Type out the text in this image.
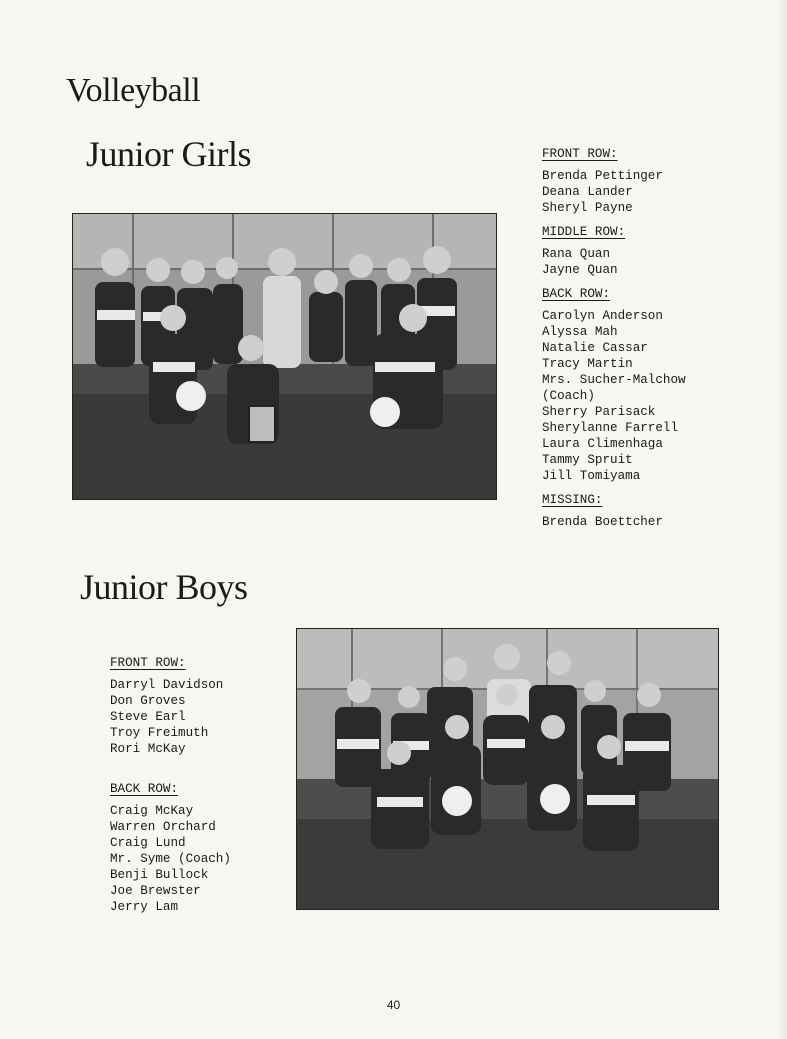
Volleyball
Junior Girls
Junior Boys
FRONT ROW:
Brenda Pettinger
Deana Lander
Sheryl Payne
MIDDLE ROW:
Rana Quan
Jayne Quan
BACK ROW:
Carolyn Anderson
Alyssa Mah
Natalie Cassar
Tracy Martin
Mrs. Sucher-Malchow
(Coach)
Sherry Parisack
Sherylanne Farrell
Laura Climenhaga
Tammy Spruit
Jill Tomiyama
MISSING:
Brenda Boettcher
FRONT ROW:
Darryl Davidson
Don Groves
Steve Earl
Troy Freimuth
Rori McKay
BACK ROW:
Craig McKay
Warren Orchard
Craig Lund
Mr. Syme (Coach)
Benji Bullock
Joe Brewster
Jerry Lam
40
